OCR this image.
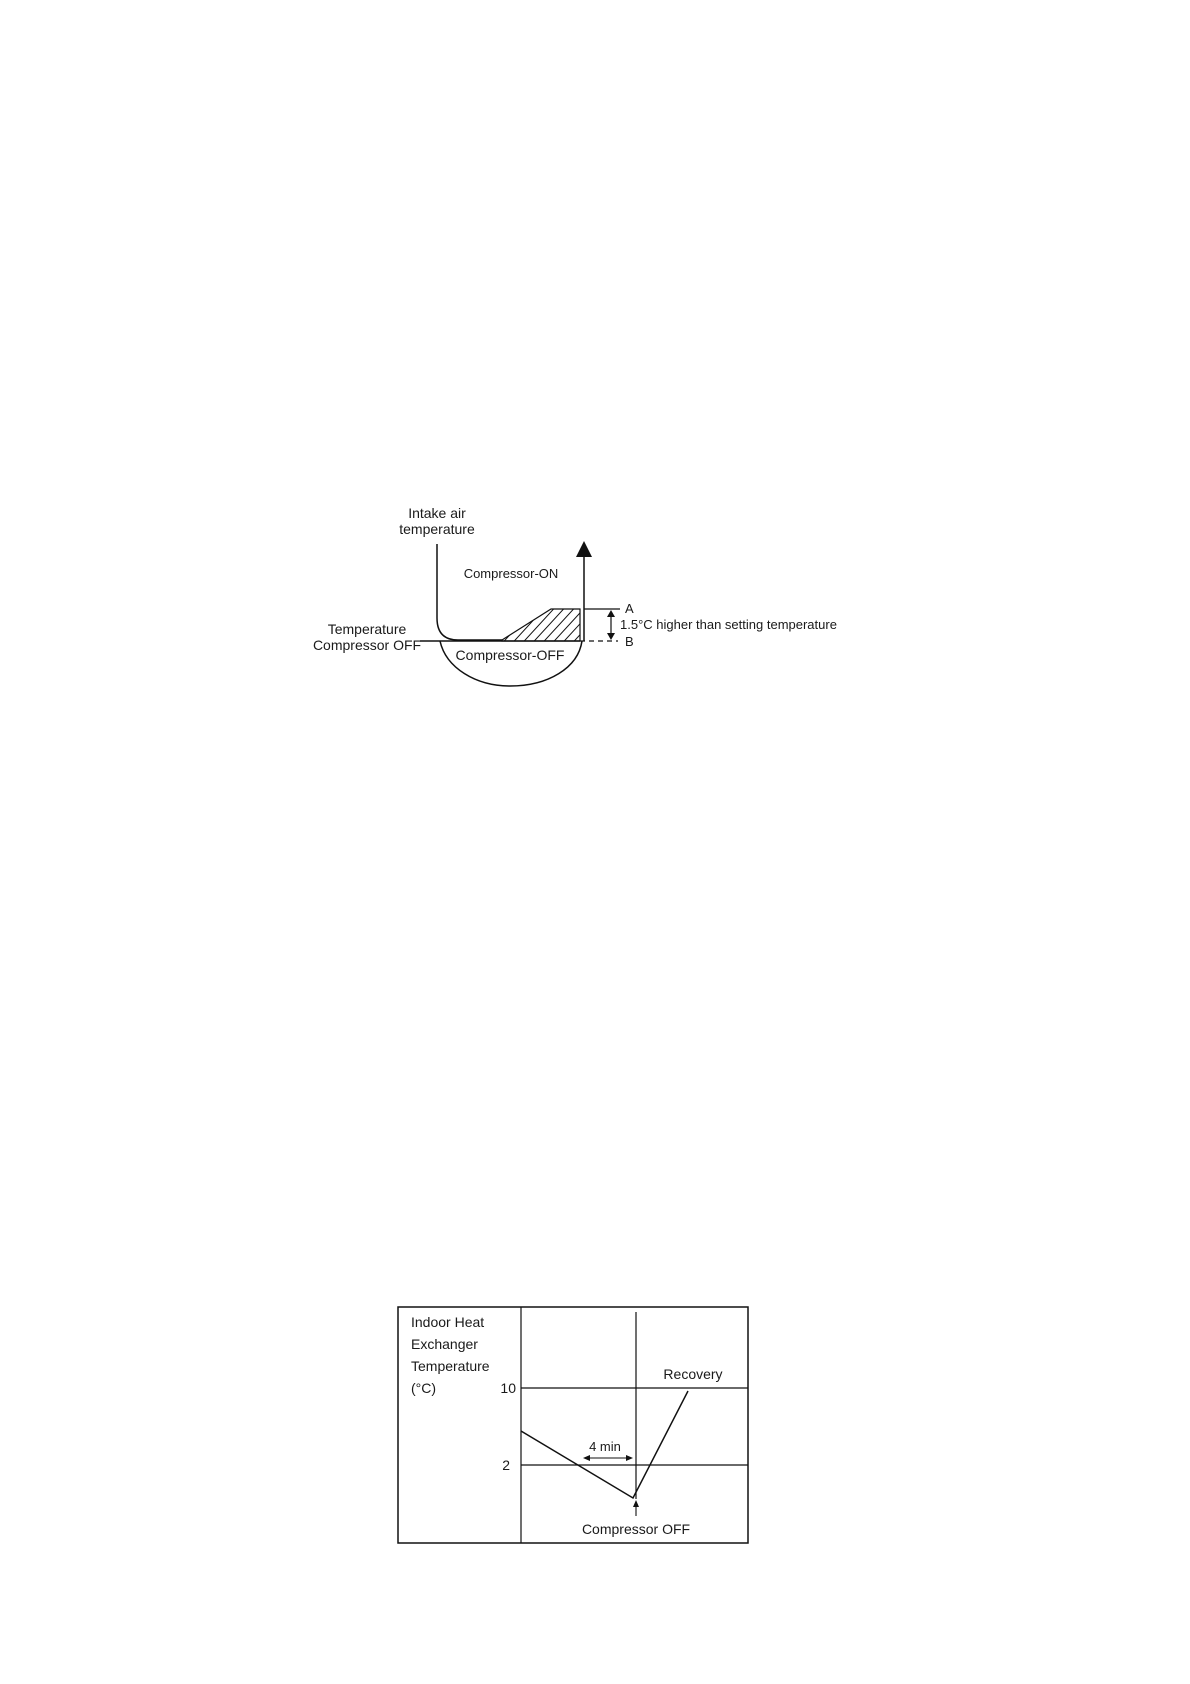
Intake air
temperature
A
B
1.5°C higher than setting temperature
Compressor-ON
Compressor-OFF
Temperature
Compressor OFF
Indoor Heat
Exchanger
Temperature
(°C)	10
2
4 min
Compressor OFF
Recovery
